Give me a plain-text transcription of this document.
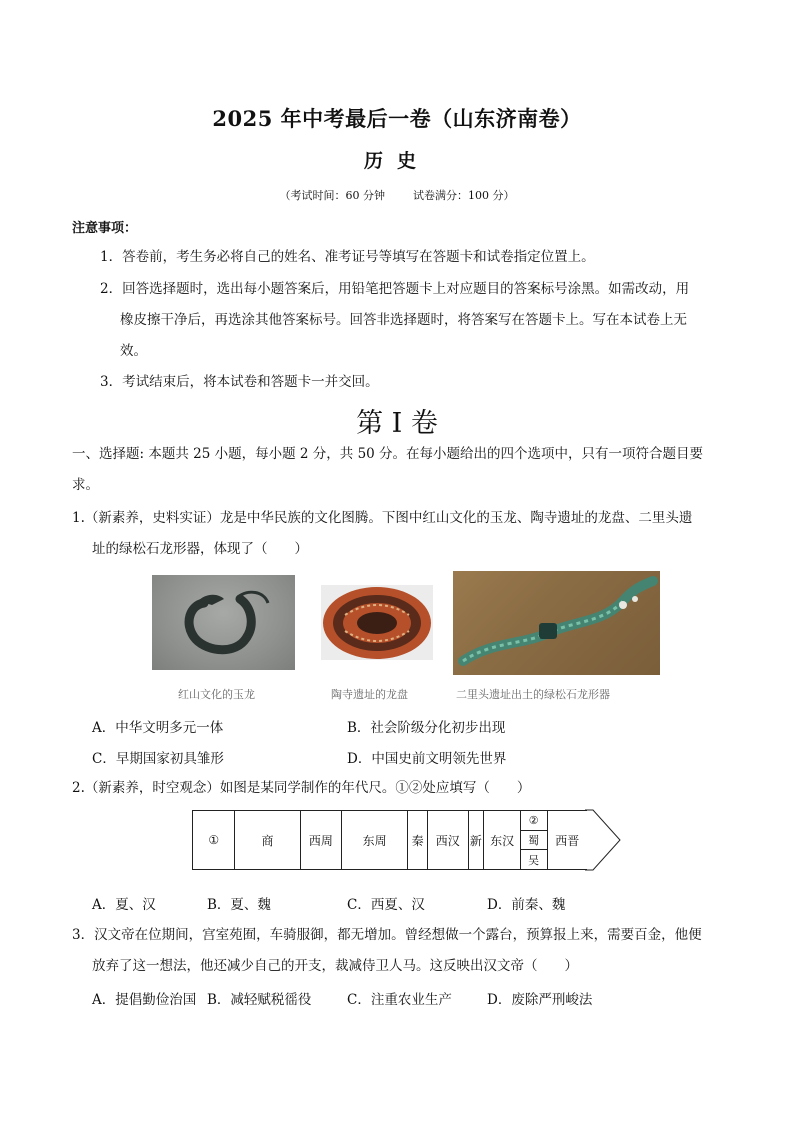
2025 年中考最后一卷（山东济南卷）
历史
（考试时间：60 分钟	试卷满分：100 分）
注意事项：
1．答卷前，考生务必将自己的姓名、准考证号等填写在答题卡和试卷指定位置上。
2．回答选择题时，选出每小题答案后，用铅笔把答题卡上对应题目的答案标号涂黑。如需改动，用
橡皮擦干净后，再选涂其他答案标号。回答非选择题时，将答案写在答题卡上。写在本试卷上无
效。
3．考试结束后，将本试卷和答题卡一并交回。
第 I 卷
一、选择题: 本题共 25 小题，每小题 2 分，共 50 分。在每小题给出的四个选项中，只有一项符合题目要
求。
1.（新素养，史料实证）龙是中华民族的文化图腾。下图中红山文化的玉龙、陶寺遗址的龙盘、二里头遗
址的绿松石龙形器，体现了（　　）
红山文化的玉龙	陶寺遗址的龙盘	二里头遗址出土的绿松石龙形器
A．中华文明多元一体	B．社会阶级分化初步出现
C．早期国家初具雏形	D．中国史前文明领先世界
2.（新素养，时空观念）如图是某同学制作的年代尺。①②处应填写（　　）
①	商	西周	东周	秦	西汉 新 东汉
②
蜀
吴
西晋
A．夏、汉	B．夏、魏	C．西夏、汉	D．前秦、魏
3．汉文帝在位期间，宫室苑囿，车骑服御，都无增加。曾经想做一个露台，预算报上来，需要百金，他便
放弃了这一想法，他还减少自己的开支，裁减侍卫人马。这反映出汉文帝（　　）
A．提倡勤俭治国 B．减轻赋税徭役	C．注重农业生产	D．废除严刑峻法
